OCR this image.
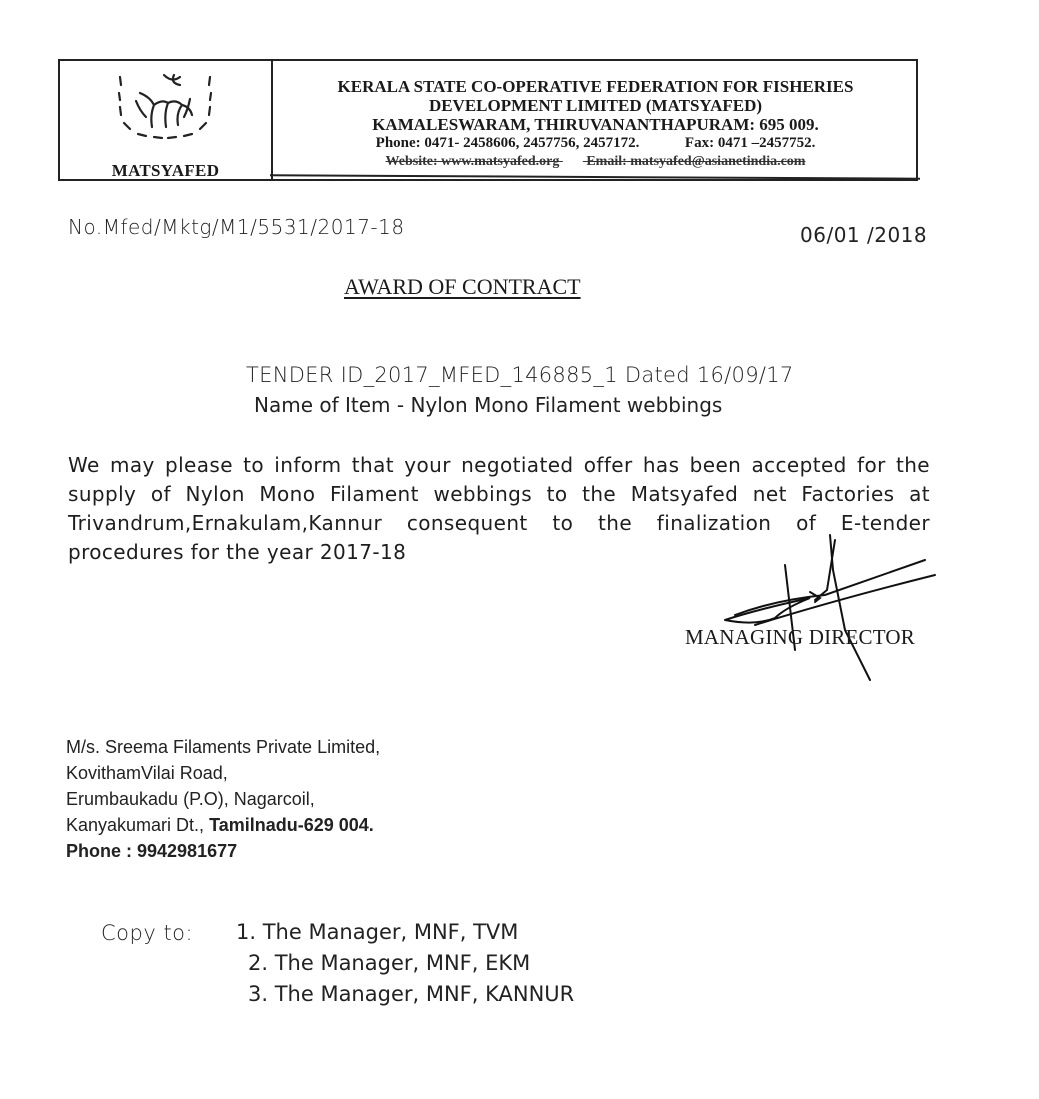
MATSYAFED
KERALA STATE CO-OPERATIVE FEDERATION FOR FISHERIES
DEVELOPMENT LIMITED (MATSYAFED)
KAMALESWARAM, THIRUVANANTHAPURAM: 695 009.
Phone: 0471- 2458606, 2457756, 2457172.	Fax: 0471 –2457752.
Website: www.matsyafed.org Email: matsyafed@asianetindia.com
No.Mfed/Mktg/M1/5531/2017-18	06/01 /2018
AWARD OF CONTRACT
TENDER ID_2017_MFED_146885_1 Dated 16/09/17
Name of Item - Nylon Mono Filament webbings
We may please to inform that your negotiated offer has been accepted for the supply of Nylon Mono Filament webbings to the Matsyafed net Factories at Trivandrum,Ernakulam,Kannur consequent to the finalization of E-tender procedures for the year 2017-18
MANAGING DIRECTOR
M/s. Sreema Filaments Private Limited,
KovithamVilai Road,
Erumbaukadu (P.O), Nagarcoil,
Kanyakumari Dt., Tamilnadu-629 004.
Phone : 9942981677
Copy to: 1. The Manager, MNF, TVM
2. The Manager, MNF, EKM
3. The Manager, MNF, KANNUR
